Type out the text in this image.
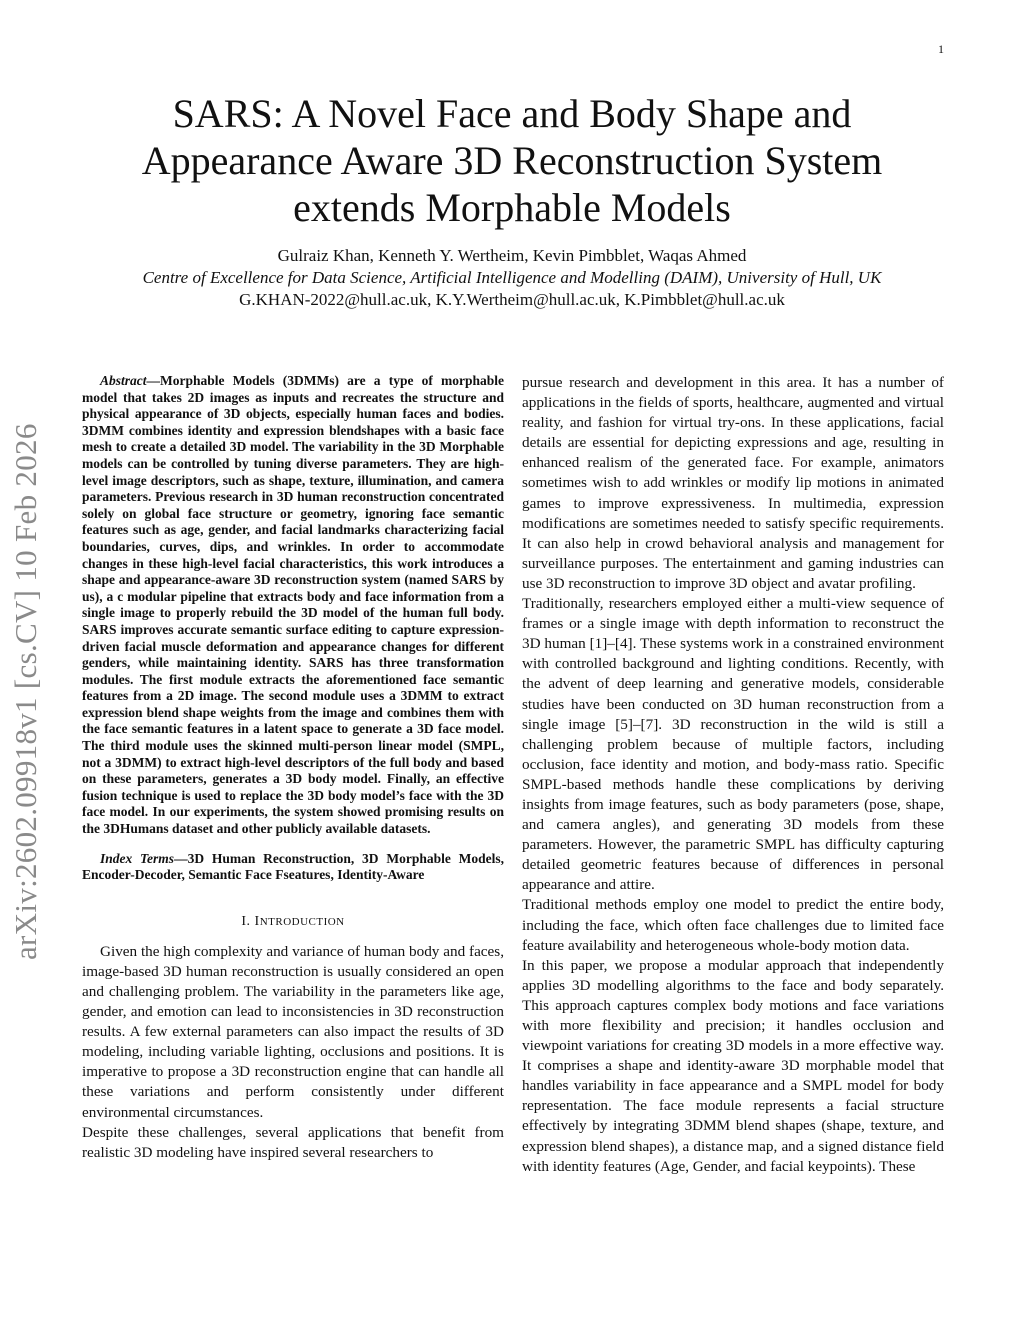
1
arXiv:2602.09918v1 [cs.CV] 10 Feb 2026
SARS: A Novel Face and Body Shape and Appearance Aware 3D Reconstruction System extends Morphable Models
Gulraiz Khan, Kenneth Y. Wertheim, Kevin Pimbblet, Waqas Ahmed
Centre of Excellence for Data Science, Artificial Intelligence and Modelling (DAIM), University of Hull, UK
G.KHAN-2022@hull.ac.uk, K.Y.Wertheim@hull.ac.uk, K.Pimbblet@hull.ac.uk

Abstract—Morphable Models (3DMMs) are a type of morphable model that takes 2D images as inputs and recreates the structure and physical appearance of 3D objects, especially human faces and bodies. 3DMM combines identity and expression blendshapes with a basic face mesh to create a detailed 3D model. The variability in the 3D Morphable models can be controlled by tuning diverse parameters. They are high-level image descriptors, such as shape, texture, illumination, and camera parameters. Previous research in 3D human reconstruction concentrated solely on global face structure or geometry, ignoring face semantic features such as age, gender, and facial landmarks characterizing facial boundaries, curves, dips, and wrinkles. In order to accommodate changes in these high-level facial characteristics, this work introduces a shape and appearance-aware 3D reconstruction system (named SARS by us), a c modular pipeline that extracts body and face information from a single image to properly rebuild the 3D model of the human full body. SARS improves accurate semantic surface editing to capture expression-driven facial muscle deformation and appearance changes for different genders, while maintaining identity. SARS has three transformation modules. The first module extracts the aforementioned face semantic features from a 2D image. The second module uses a 3DMM to extract expression blend shape weights from the image and combines them with the face semantic features in a latent space to generate a 3D face model. The third module uses the skinned multi-person linear model (SMPL, not a 3DMM) to extract high-level descriptors of the full body and based on these parameters, generates a 3D body model. Finally, an effective fusion technique is used to replace the 3D body model’s face with the 3D face model. In our experiments, the system showed promising results on the 3DHumans dataset and other publicly available datasets.

Index Terms—3D Human Reconstruction, 3D Morphable Models, Encoder-Decoder, Semantic Face Fseatures, Identity-Aware

I. INTRODUCTION

Given the high complexity and variance of human body and faces, image-based 3D human reconstruction is usually considered an open and challenging problem. The variability in the parameters like age, gender, and emotion can lead to inconsistencies in 3D reconstruction results. A few external parameters can also impact the results of 3D modeling, including variable lighting, occlusions and positions. It is imperative to propose a 3D reconstruction engine that can handle all these variations and perform consistently under different environmental circumstances.

Despite these challenges, several applications that benefit from realistic 3D modeling have inspired several researchers to

pursue research and development in this area. It has a number of applications in the fields of sports, healthcare, augmented and virtual reality, and fashion for virtual try-ons. In these applications, facial details are essential for depicting expressions and age, resulting in enhanced realism of the generated face. For example, animators sometimes wish to add wrinkles or modify lip motions in animated games to improve expressiveness. In multimedia, expression modifications are sometimes needed to satisfy specific requirements. It can also help in crowd behavioral analysis and management for surveillance purposes. The entertainment and gaming industries can use 3D reconstruction to improve 3D object and avatar profiling.

Traditionally, researchers employed either a multi-view sequence of frames or a single image with depth information to reconstruct the 3D human [1]–[4]. These systems work in a constrained environment with controlled background and lighting conditions. Recently, with the advent of deep learning and generative models, considerable studies have been conducted on 3D human reconstruction from a single image [5]–[7]. 3D reconstruction in the wild is still a challenging problem because of multiple factors, including occlusion, face identity and motion, and body-mass ratio. Specific SMPL-based methods handle these complications by deriving insights from image features, such as body parameters (pose, shape, and camera angles), and generating 3D models from these parameters. However, the parametric SMPL has difficulty capturing detailed geometric features because of differences in personal appearance and attire.

Traditional methods employ one model to predict the entire body, including the face, which often face challenges due to limited face feature availability and heterogeneous whole-body motion data.

In this paper, we propose a modular approach that independently applies 3D modelling algorithms to the face and body separately. This approach captures complex body motions and face variations with more flexibility and precision; it handles occlusion and viewpoint variations for creating 3D models in a more effective way. It comprises a shape and identity-aware 3D morphable model that handles variability in face appearance and a SMPL model for body representation. The face module represents a facial structure effectively by integrating 3DMM blend shapes (shape, texture, and expression blend shapes), a distance map, and a signed distance field with identity features (Age, Gender, and facial keypoints). These
